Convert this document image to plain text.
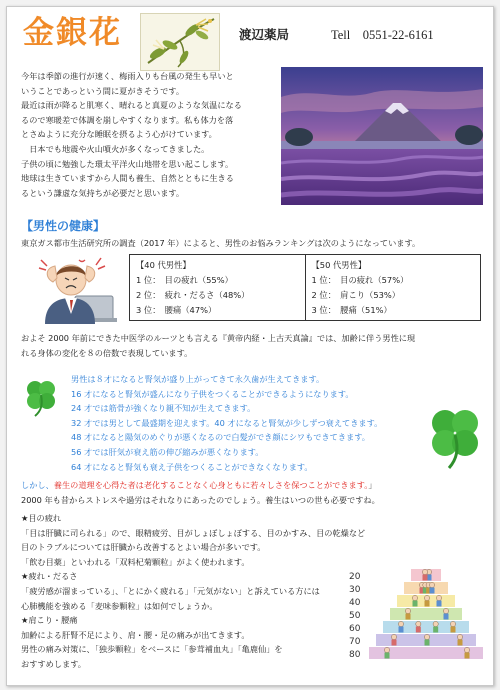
金銀花	渡辺薬局	Tell　0551‑22‑6161
今年は季節の進行が速く、梅雨入りも台風の発生も早いと
いうことであっという間に夏がきそうです。
最近は雨が降ると肌寒く、晴れると真夏のような気温になる
るので寒暖差で体調を崩しやすくなります。私も体力を落
とさぬように充分な睡眠を摂るよう心がけています。
　日本でも地震や火山噴火が多くなってきました。
子供の頃に勉強した環太平洋火山地帯を思い起こします。
地球は生きていますから人間も養生、自然とともに生きる
るという謙虚な気持ちが必要だと思います。
【男性の健康】
東京ガス都市生活研究所の調査（2017 年）によると、男性のお悩みランキングは次のようになっています。
【40 代男性】
1 位：　目の疲れ（55%）
2 位：　疲れ・だるさ（48%）
3 位：　腰痛（47%）
【50 代男性】
1 位：　目の疲れ（57%）
2 位：　肩こり（53%）
3 位：　腰痛（51%）
およそ 2000 年前にできた中医学のルーツとも言える『黄帝内経・上古天真論』では、加齢に伴う男性に現
れる身体の変化を８の倍数で表現しています。
男性は８才になると腎気が盛り上がってきて永久歯が生えてきます。
16 才になると腎気が盛んになり子供をつくることができるようになります。
24 才では筋骨が強くなり親不知が生えてきます。
32 才では男として最盛期を迎えます。40 才になると腎気が少しずつ衰えてきます。
48 才になると陽気のめぐりが悪くなるので白髪ができ顔にシワもできてきます。
56 才では肝気が衰え筋の伸び縮みが悪くなります。
64 才になると腎気も衰え子供をつくることができなくなります。
しかし、養生の道理を心得た者は老化することなく心身ともに若々しさを保つことができます。」
2000 年も昔からストレスや過労はそれなりにあったのでしょう。養生はいつの世も必要ですね。
★目の疲れ
「目は肝臓に司られる」ので、眼精疲労、目がしょぼしょぼする、目のかすみ、目の乾燥など
目のトラブルについては肝臓から改善するとよい場合が多いです。
「飲む目薬」といわれる「双料杞菊顆粒」がよく使われます。
★疲れ・だるさ
「疲労感が溜まっている」、「とにかく疲れる」「元気がない」と訴えている方には
心肺機能を強める「麦味参顆粒」は如何でしょうか。
★肩こり・腰痛
加齢による肝腎不足により、肩・腰・足の痛みが出てきます。
男性の痛み対策に、「独歩顆粒」をベースに「参茸補血丸」「亀鹿仙」を
おすすめします。
20
30
40
50
60
70
80
